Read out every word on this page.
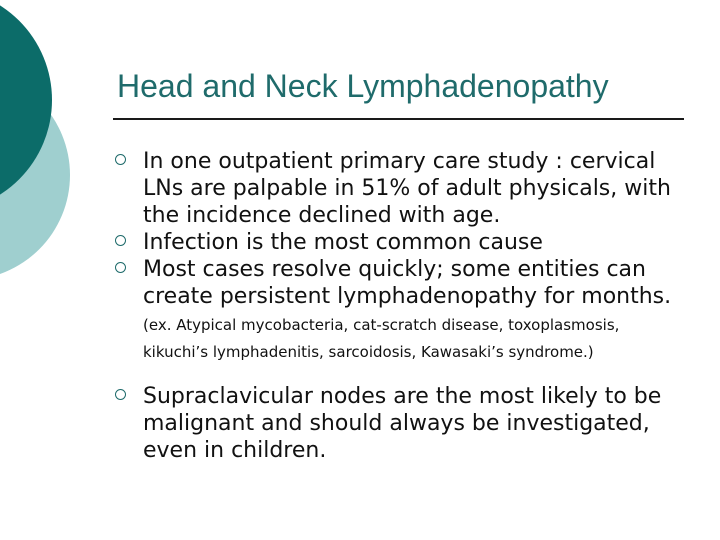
Head and Neck Lymphadenopathy
In one outpatient primary care study : cervical LNs are palpable in 51% of adult physicals, with the incidence declined with age.
Infection is the most common cause
Most cases resolve quickly; some entities can create persistent lymphadenopathy for months. (ex. Atypical mycobacteria, cat-scratch disease, toxoplasmosis, kikuchi’s lymphadenitis, sarcoidosis, Kawasaki’s syndrome.)
Supraclavicular nodes are the most likely to be malignant and should always be investigated, even in children.
